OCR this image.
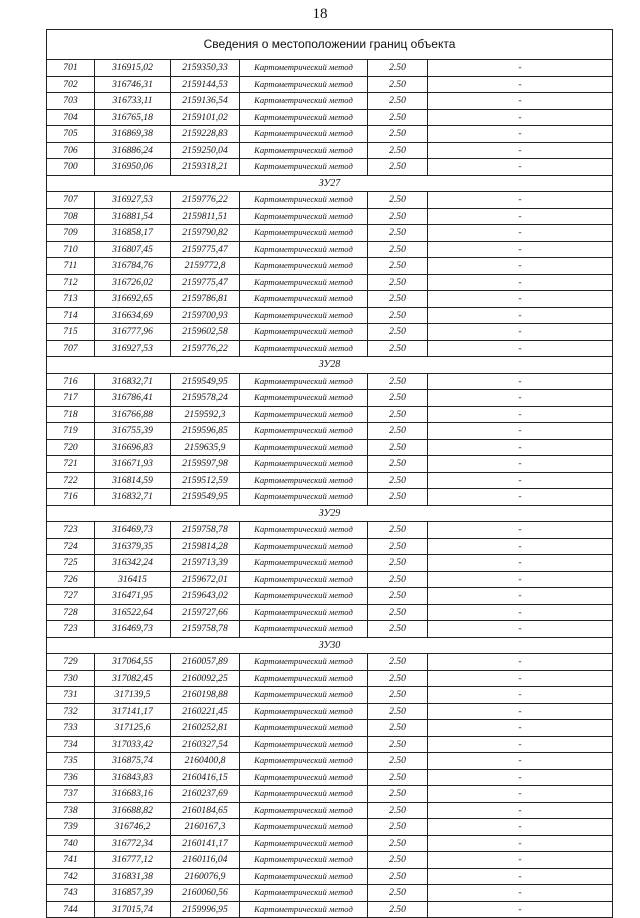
18
Сведения о местоположении границ объекта
701	316915,02	2159350,33	Картометрический метод	2.50	-
702	316746,31	2159144,53	Картометрический метод	2.50	-
703	316733,11	2159136,54	Картометрический метод	2.50	-
704	316765,18	2159101,02	Картометрический метод	2.50	-
705	316869,38	2159228,83	Картометрический метод	2.50	-
706	316886,24	2159250,04	Картометрический метод	2.50	-
700	316950,06	2159318,21	Картометрический метод	2.50	-
ЗУ27
707	316927,53	2159776,22	Картометрический метод	2.50	-
708	316881,54	2159811,51	Картометрический метод	2.50	-
709	316858,17	2159790,82	Картометрический метод	2.50	-
710	316807,45	2159775,47	Картометрический метод	2.50	-
711	316784,76	2159772,8	Картометрический метод	2.50	-
712	316726,02	2159775,47	Картометрический метод	2.50	-
713	316692,65	2159786,81	Картометрический метод	2.50	-
714	316634,69	2159700,93	Картометрический метод	2.50	-
715	316777,96	2159602,58	Картометрический метод	2.50	-
707	316927,53	2159776,22	Картометрический метод	2.50	-
ЗУ28
716	316832,71	2159549,95	Картометрический метод	2.50	-
717	316786,41	2159578,24	Картометрический метод	2.50	-
718	316766,88	2159592,3	Картометрический метод	2.50	-
719	316755,39	2159596,85	Картометрический метод	2.50	-
720	316696,83	2159635,9	Картометрический метод	2.50	-
721	316671,93	2159597,98	Картометрический метод	2.50	-
722	316814,59	2159512,59	Картометрический метод	2.50	-
716	316832,71	2159549,95	Картометрический метод	2.50	-
ЗУ29
723	316469,73	2159758,78	Картометрический метод	2.50	-
724	316379,35	2159814,28	Картометрический метод	2.50	-
725	316342,24	2159713,39	Картометрический метод	2.50	-
726	316415	2159672,01	Картометрический метод	2.50	-
727	316471,95	2159643,02	Картометрический метод	2.50	-
728	316522,64	2159727,66	Картометрический метод	2.50	-
723	316469,73	2159758,78	Картометрический метод	2.50	-
ЗУ30
729	317064,55	2160057,89	Картометрический метод	2.50	-
730	317082,45	2160092,25	Картометрический метод	2.50	-
731	317139,5	2160198,88	Картометрический метод	2.50	-
732	317141,17	2160221,45	Картометрический метод	2.50	-
733	317125,6	2160252,81	Картометрический метод	2.50	-
734	317033,42	2160327,54	Картометрический метод	2.50	-
735	316875,74	2160400,8	Картометрический метод	2.50	-
736	316843,83	2160416,15	Картометрический метод	2.50	-
737	316683,16	2160237,69	Картометрический метод	2.50	-
738	316688,82	2160184,65	Картометрический метод	2.50	-
739	316746,2	2160167,3	Картометрический метод	2.50	-
740	316772,34	2160141,17	Картометрический метод	2.50	-
741	316777,12	2160116,04	Картометрический метод	2.50	-
742	316831,38	2160076,9	Картометрический метод	2.50	-
743	316857,39	2160060,56	Картометрический метод	2.50	-
744	317015,74	2159996,95	Картометрический метод	2.50	-
